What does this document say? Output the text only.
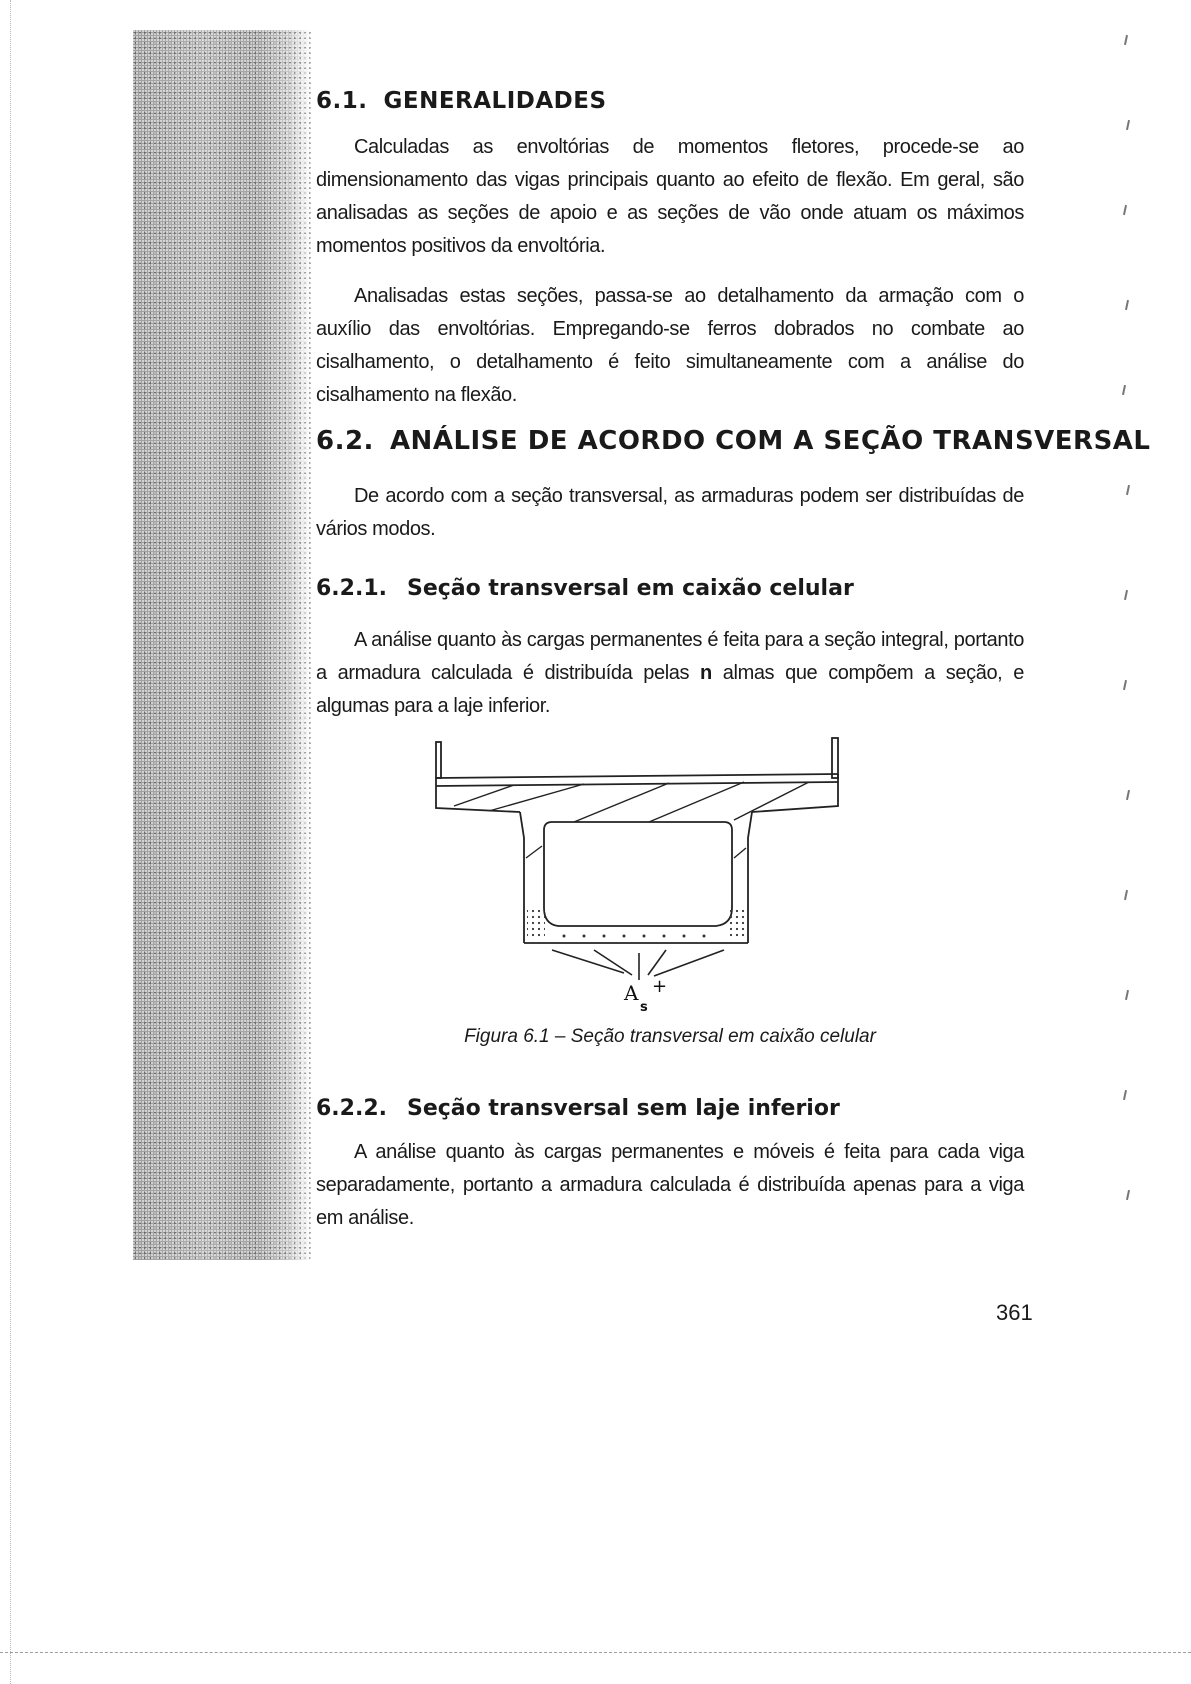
6.1. GENERALIDADES

Calculadas as envoltórias de momentos fletores, procede-se ao dimensionamento das vigas principais quanto ao efeito de flexão. Em geral, são analisadas as seções de apoio e as seções de vão onde atuam os máximos momentos positivos da envoltória.

Analisadas estas seções, passa-se ao detalhamento da armação com o auxílio das envoltórias. Empregando-se ferros dobrados no combate ao cisalhamento, o detalhamento é feito simultaneamente com a análise do cisalhamento na flexão.

6.2. ANÁLISE DE ACORDO COM A SEÇÃO TRANSVERSAL

De acordo com a seção transversal, as armaduras podem ser distribuídas de vários modos.

6.2.1. Seção transversal em caixão celular

A análise quanto às cargas permanentes é feita para a seção integral, portanto a armadura calculada é distribuída pelas n almas que compõem a seção, e algumas para a laje inferior.

A
s
+
Figura 6.1 – Seção transversal em caixão celular
6.2.2. Seção transversal sem laje inferior

A análise quanto às cargas permanentes e móveis é feita para cada viga separadamente, portanto a armadura calculada é distribuída apenas para a viga em análise.

361
